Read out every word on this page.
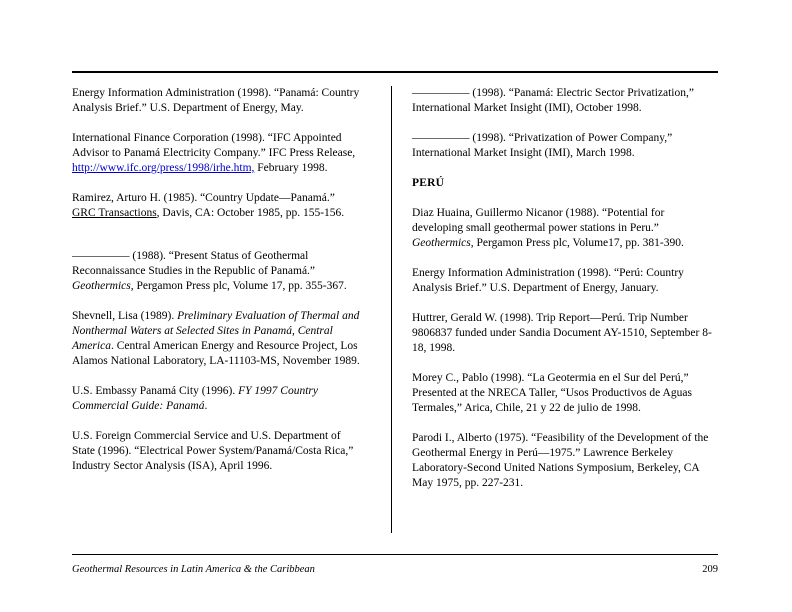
Energy Information Administration (1998). “Panamá: Country Analysis Brief.” U.S. Department of Energy, May.

International Finance Corporation (1998). “IFC Appointed Advisor to Panamá Electricity Company.” IFC Press Release, http://www.ifc.org/press/1998/irhe.htm, February 1998.

Ramirez, Arturo H. (1985). “Country Update—Panamá.” GRC Transactions, Davis, CA: October 1985, pp. 155-156.

————— (1988). “Present Status of Geothermal Reconnaissance Studies in the Republic of Panamá.” Geothermics, Pergamon Press plc, Volume 17, pp. 355-367.

Shevnell, Lisa (1989). Preliminary Evaluation of Thermal and Nonthermal Waters at Selected Sites in Panamá, Central America. Central American Energy and Resource Project, Los Alamos National Laboratory, LA-11103-MS, November 1989.

U.S. Embassy Panamá City (1996). FY 1997 Country Commercial Guide: Panamá.

U.S. Foreign Commercial Service and U.S. Department of State (1996). “Electrical Power System/Panamá/Costa Rica,” Industry Sector Analysis (ISA), April 1996.

————— (1998). “Panamá: Electric Sector Privatization,” International Market Insight (IMI), October 1998.

————— (1998). “Privatization of Power Company,” International Market Insight (IMI), March 1998.

PERÚ

Diaz Huaina, Guillermo Nicanor (1988). “Potential for developing small geothermal power stations in Peru.” Geothermics, Pergamon Press plc, Volume17, pp. 381-390.

Energy Information Administration (1998). “Perú: Country Analysis Brief.” U.S. Department of Energy, January.

Huttrer, Gerald W. (1998). Trip Report—Perú. Trip Number 9806837 funded under Sandia Document AY-1510, September 8-18, 1998.

Morey C., Pablo (1998). “La Geotermia en el Sur del Perú,” Presented at the NRECA Taller, “Usos Productivos de Aguas Termales,” Arica, Chile, 21 y 22 de julio de 1998.

Parodi I., Alberto (1975). “Feasibility of the Development of the Geothermal Energy in Perú—1975.” Lawrence Berkeley Laboratory-Second United Nations Symposium, Berkeley, CA May 1975, pp. 227-231.

Geothermal Resources in Latin America & the Caribbean	209
